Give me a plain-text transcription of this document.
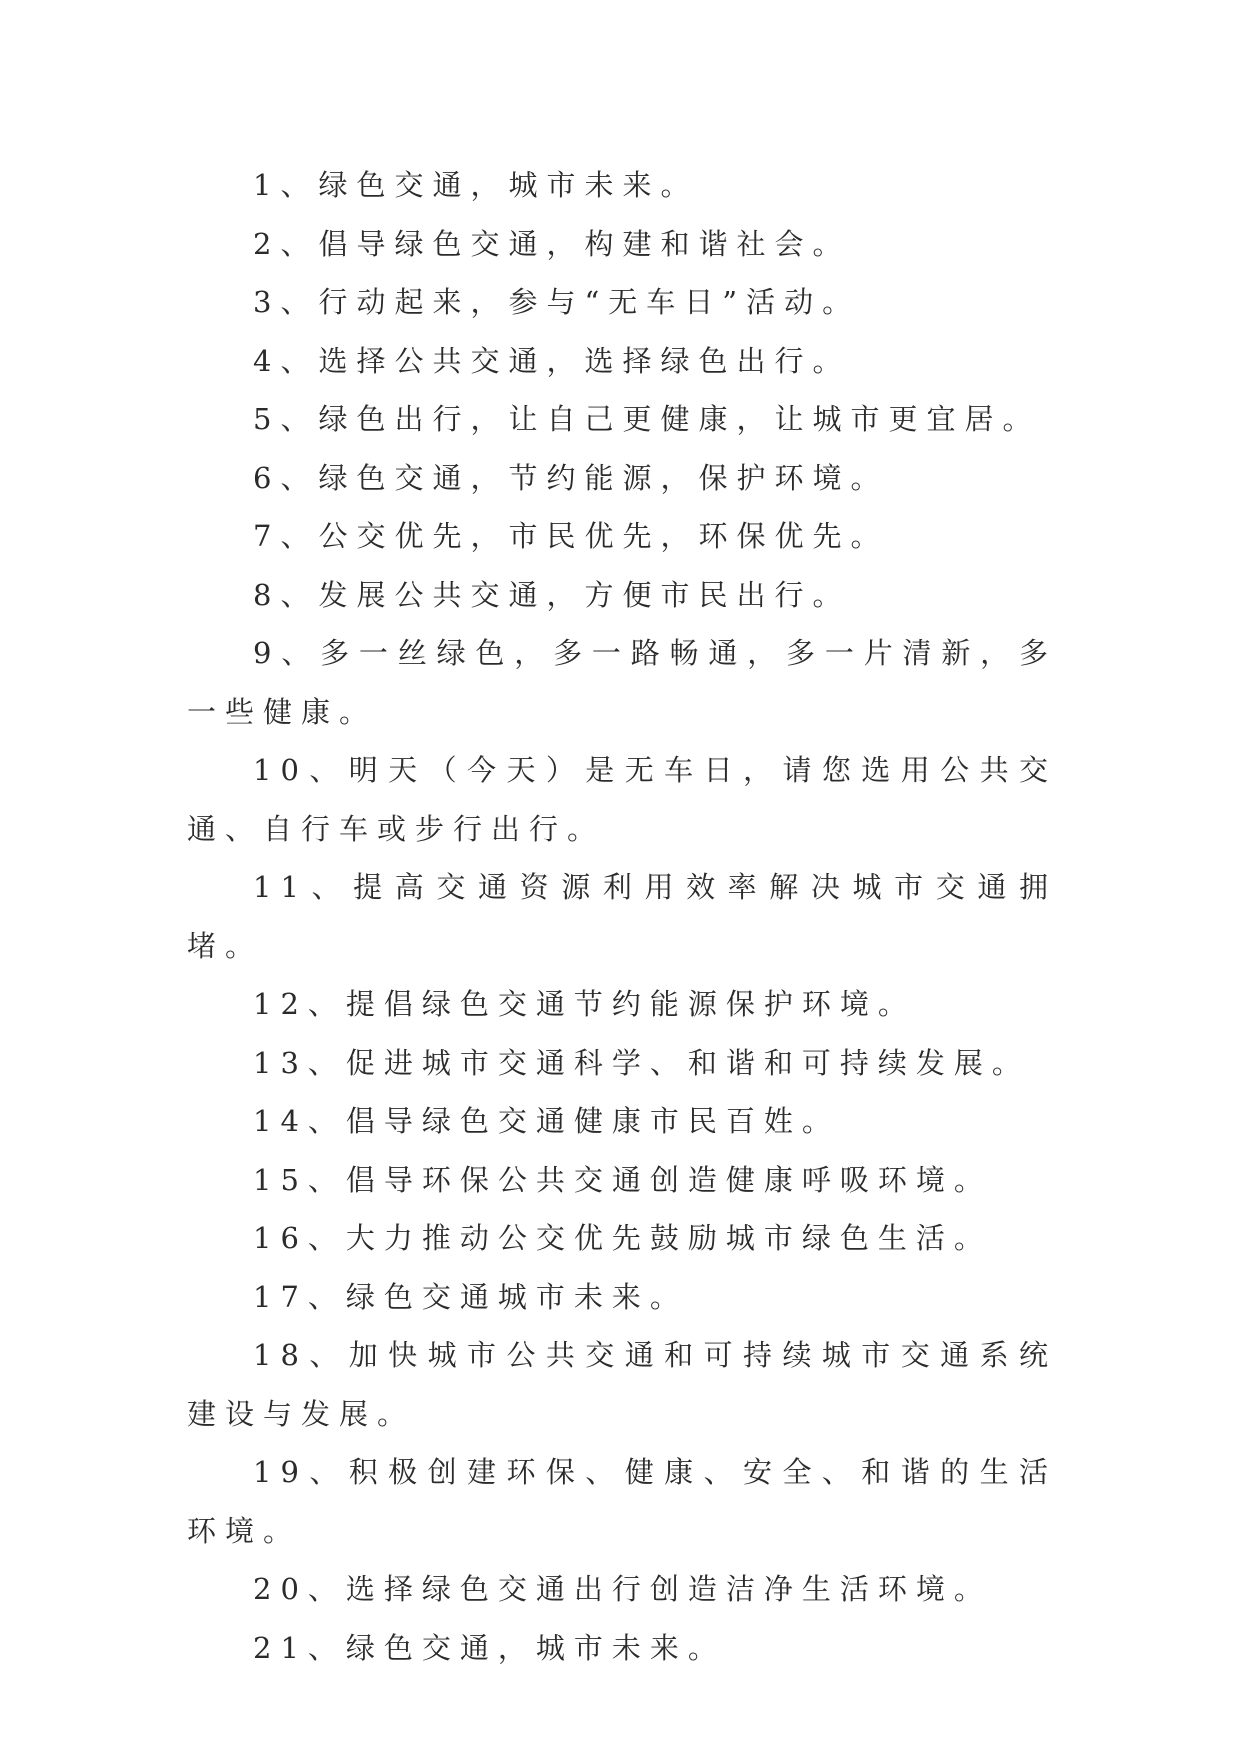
1、绿色交通，城市未来。

2、倡导绿色交通，构建和谐社会。

3、行动起来，参与“无车日”活动。

4、选择公共交通，选择绿色出行。

5、绿色出行，让自己更健康，让城市更宜居。

6、绿色交通，节约能源，保护环境。

7、公交优先，市民优先，环保优先。

8、发展公共交通，方便市民出行。

9、多一丝绿色，多一路畅通，多一片清新，多一些健康。

10、明天（今天）是无车日，请您选用公共交通、自行车或步行出行。

11、提高交通资源利用效率解决城市交通拥堵。

12、提倡绿色交通节约能源保护环境。

13、促进城市交通科学、和谐和可持续发展。

14、倡导绿色交通健康市民百姓。

15、倡导环保公共交通创造健康呼吸环境。

16、大力推动公交优先鼓励城市绿色生活。

17、绿色交通城市未来。

18、加快城市公共交通和可持续城市交通系统建设与发展。

19、积极创建环保、健康、安全、和谐的生活环境。

20、选择绿色交通出行创造洁净生活环境。

21、绿色交通，城市未来。
